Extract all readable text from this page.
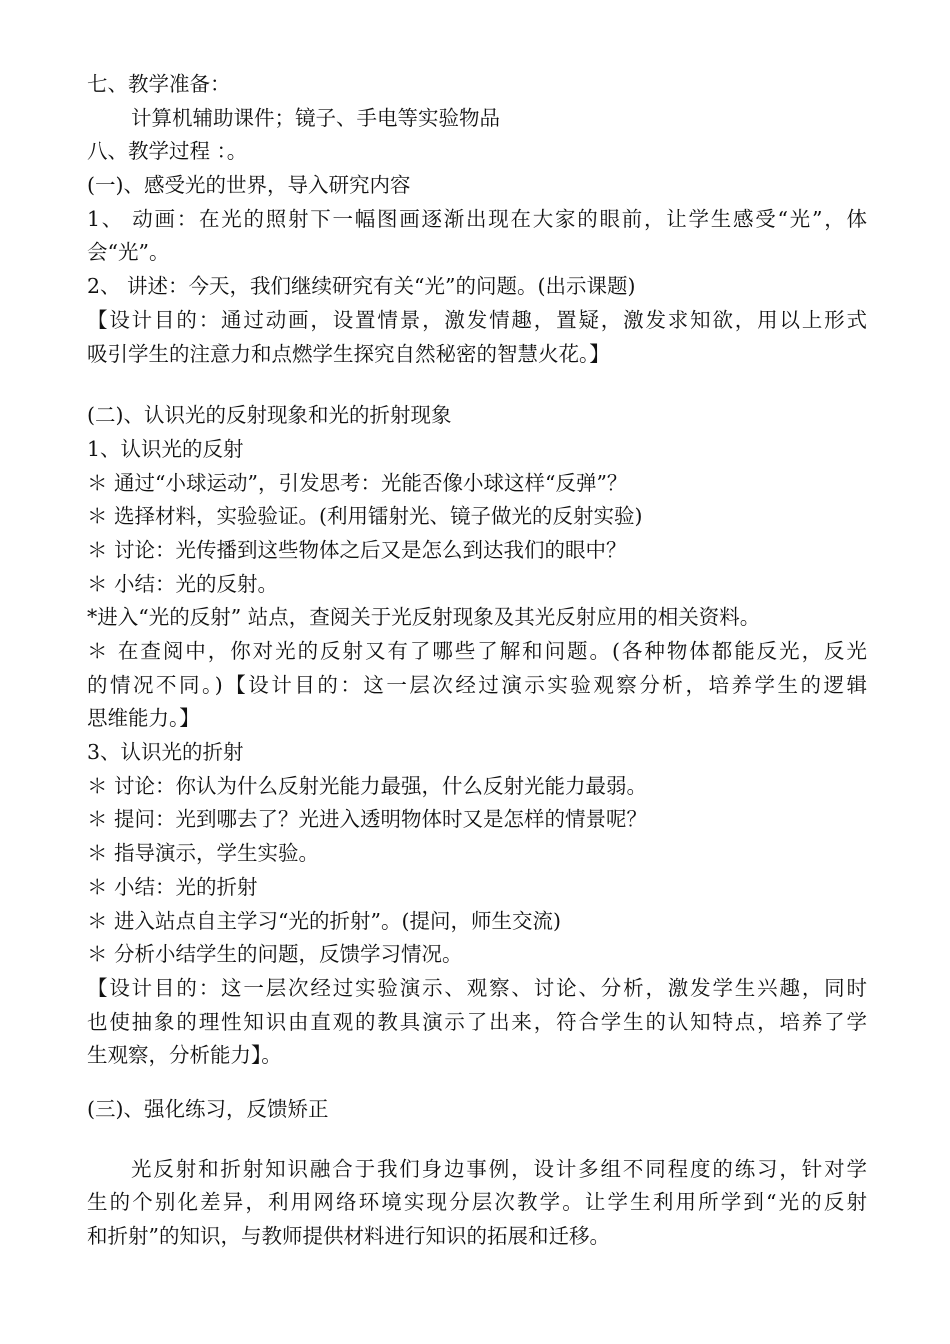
七、教学准备：
计算机辅助课件；镜子、手电等实验物品
八、教学过程 ：。
(一)、感受光的世界，导入研究内容
1、 动画：在光的照射下一幅图画逐渐出现在大家的眼前，让学生感受“光”，体
会“光”。
2、 讲述：今天，我们继续研究有关“光”的问题。(出示课题)
【设计目的：通过动画，设置情景，激发情趣，置疑，激发求知欲，用以上形式
吸引学生的注意力和点燃学生探究自然秘密的智慧火花。】
(二)、认识光的反射现象和光的折射现象
1、认识光的反射
＊ 通过“小球运动”，引发思考：光能否像小球这样“反弹”？
＊ 选择材料，实验验证。(利用镭射光、镜子做光的反射实验)
＊ 讨论：光传播到这些物体之后又是怎么到达我们的眼中？
＊ 小结：光的反射。
*进入“光的反射” 站点，查阅关于光反射现象及其光反射应用的相关资料。
＊ 在查阅中，你对光的反射又有了哪些了解和问题。(各种物体都能反光，反光
的情况不同。)【设计目的：这一层次经过演示实验观察分析，培养学生的逻辑
思维能力。】
3、认识光的折射
＊ 讨论：你认为什么反射光能力最强，什么反射光能力最弱。
＊ 提问：光到哪去了？光进入透明物体时又是怎样的情景呢？
＊ 指导演示，学生实验。
＊ 小结：光的折射
＊ 进入站点自主学习“光的折射”。(提问，师生交流)
＊ 分析小结学生的问题，反馈学习情况。
【设计目的：这一层次经过实验演示、观察、讨论、分析，激发学生兴趣，同时
也使抽象的理性知识由直观的教具演示了出来，符合学生的认知特点，培养了学
生观察，分析能力】。
(三)、强化练习，反馈矫正
光反射和折射知识融合于我们身边事例，设计多组不同程度的练习，针对学
生的个别化差异，利用网络环境实现分层次教学。让学生利用所学到“光的反射
和折射”的知识，与教师提供材料进行知识的拓展和迁移。
